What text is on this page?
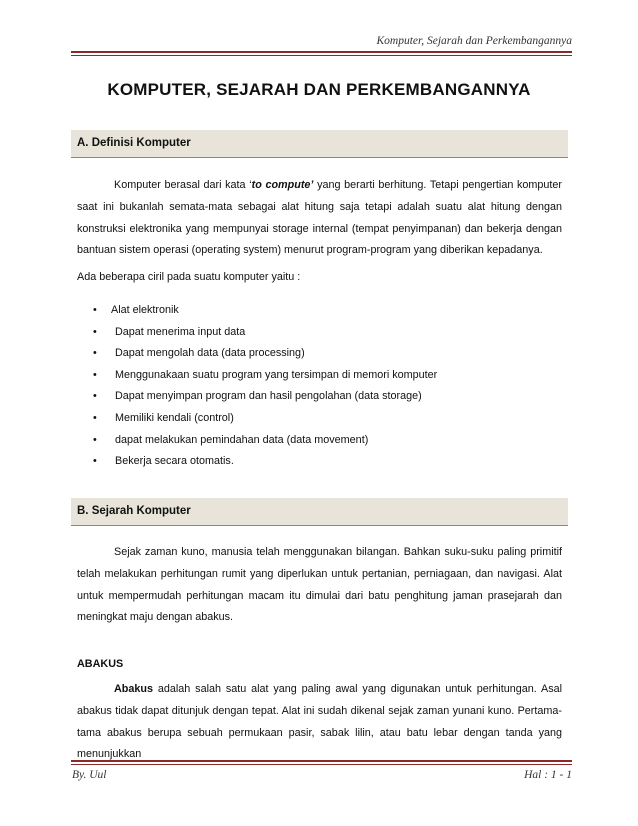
Komputer, Sejarah dan Perkembangannya
KOMPUTER, SEJARAH DAN PERKEMBANGANNYA
A. Definisi Komputer

Komputer berasal dari kata ‘to compute’ yang berarti berhitung. Tetapi pengertian komputer saat ini bukanlah semata-mata sebagai alat hitung saja tetapi adalah suatu alat hitung dengan konstruksi elektronika yang mempunyai storage internal (tempat penyimpanan) dan bekerja dengan bantuan sistem operasi (operating system) menurut program-program yang diberikan kepadanya.

Ada beberapa ciril pada suatu komputer yaitu :
• Alat elektronik
• Dapat menerima input data
• Dapat mengolah data (data processing)
• Menggunakaan suatu program yang tersimpan di memori komputer
• Dapat menyimpan program dan hasil pengolahan (data storage)
• Memiliki kendali (control)
• dapat melakukan pemindahan data (data movement)
• Bekerja secara otomatis.
B. Sejarah Komputer

Sejak zaman kuno, manusia telah menggunakan bilangan. Bahkan suku-suku paling primitif telah melakukan perhitungan rumit yang diperlukan untuk pertanian, perniagaan, dan navigasi. Alat untuk mempermudah perhitungan macam itu dimulai dari batu penghitung jaman prasejarah dan meningkat maju dengan abakus.

ABAKUS

Abakus adalah salah satu alat yang paling awal yang digunakan untuk perhitungan. Asal abakus tidak dapat ditunjuk dengan tepat. Alat ini sudah dikenal sejak zaman yunani kuno. Pertama-tama abakus berupa sebuah permukaan pasir, sabak lilin, atau batu lebar dengan tanda yang menunjukkan

By. Uul	Hal : 1 - 1
